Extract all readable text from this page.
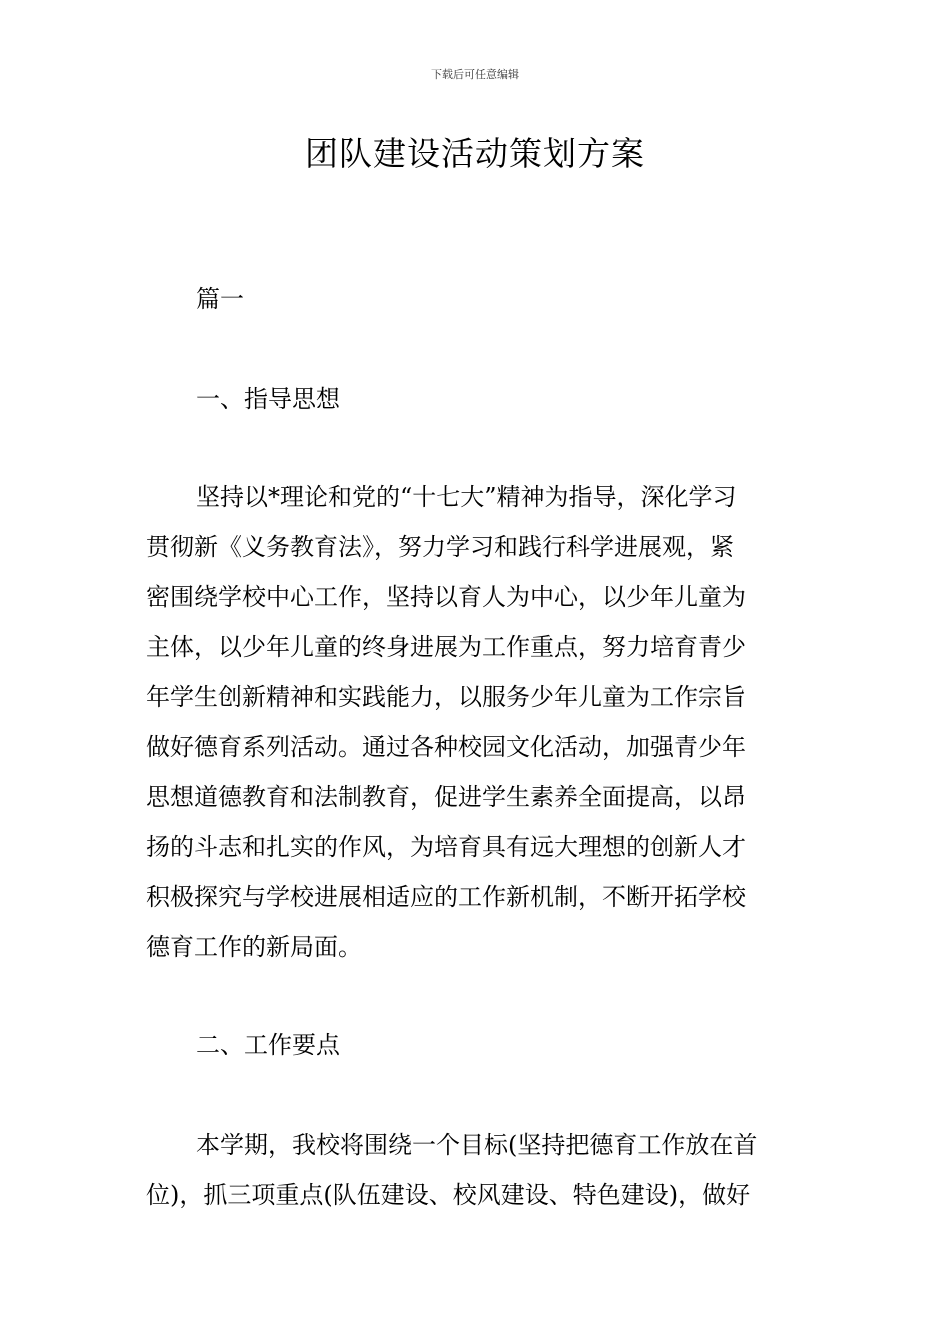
下载后可任意编辑
团队建设活动策划方案
篇一
一、指导思想
坚持以*理论和党的“十七大”精神为指导，深化学习
贯彻新《义务教育法》，努力学习和践行科学进展观，紧
密围绕学校中心工作，坚持以育人为中心，以少年儿童为
主体，以少年儿童的终身进展为工作重点，努力培育青少
年学生创新精神和实践能力，以服务少年儿童为工作宗旨
做好德育系列活动。通过各种校园文化活动，加强青少年
思想道德教育和法制教育，促进学生素养全面提高，以昂
扬的斗志和扎实的作风，为培育具有远大理想的创新人才
积极探究与学校进展相适应的工作新机制，不断开拓学校
德育工作的新局面。
二、工作要点
本学期，我校将围绕一个目标(坚持把德育工作放在首
位)，抓三项重点(队伍建设、校风建设、特色建设)，做好
